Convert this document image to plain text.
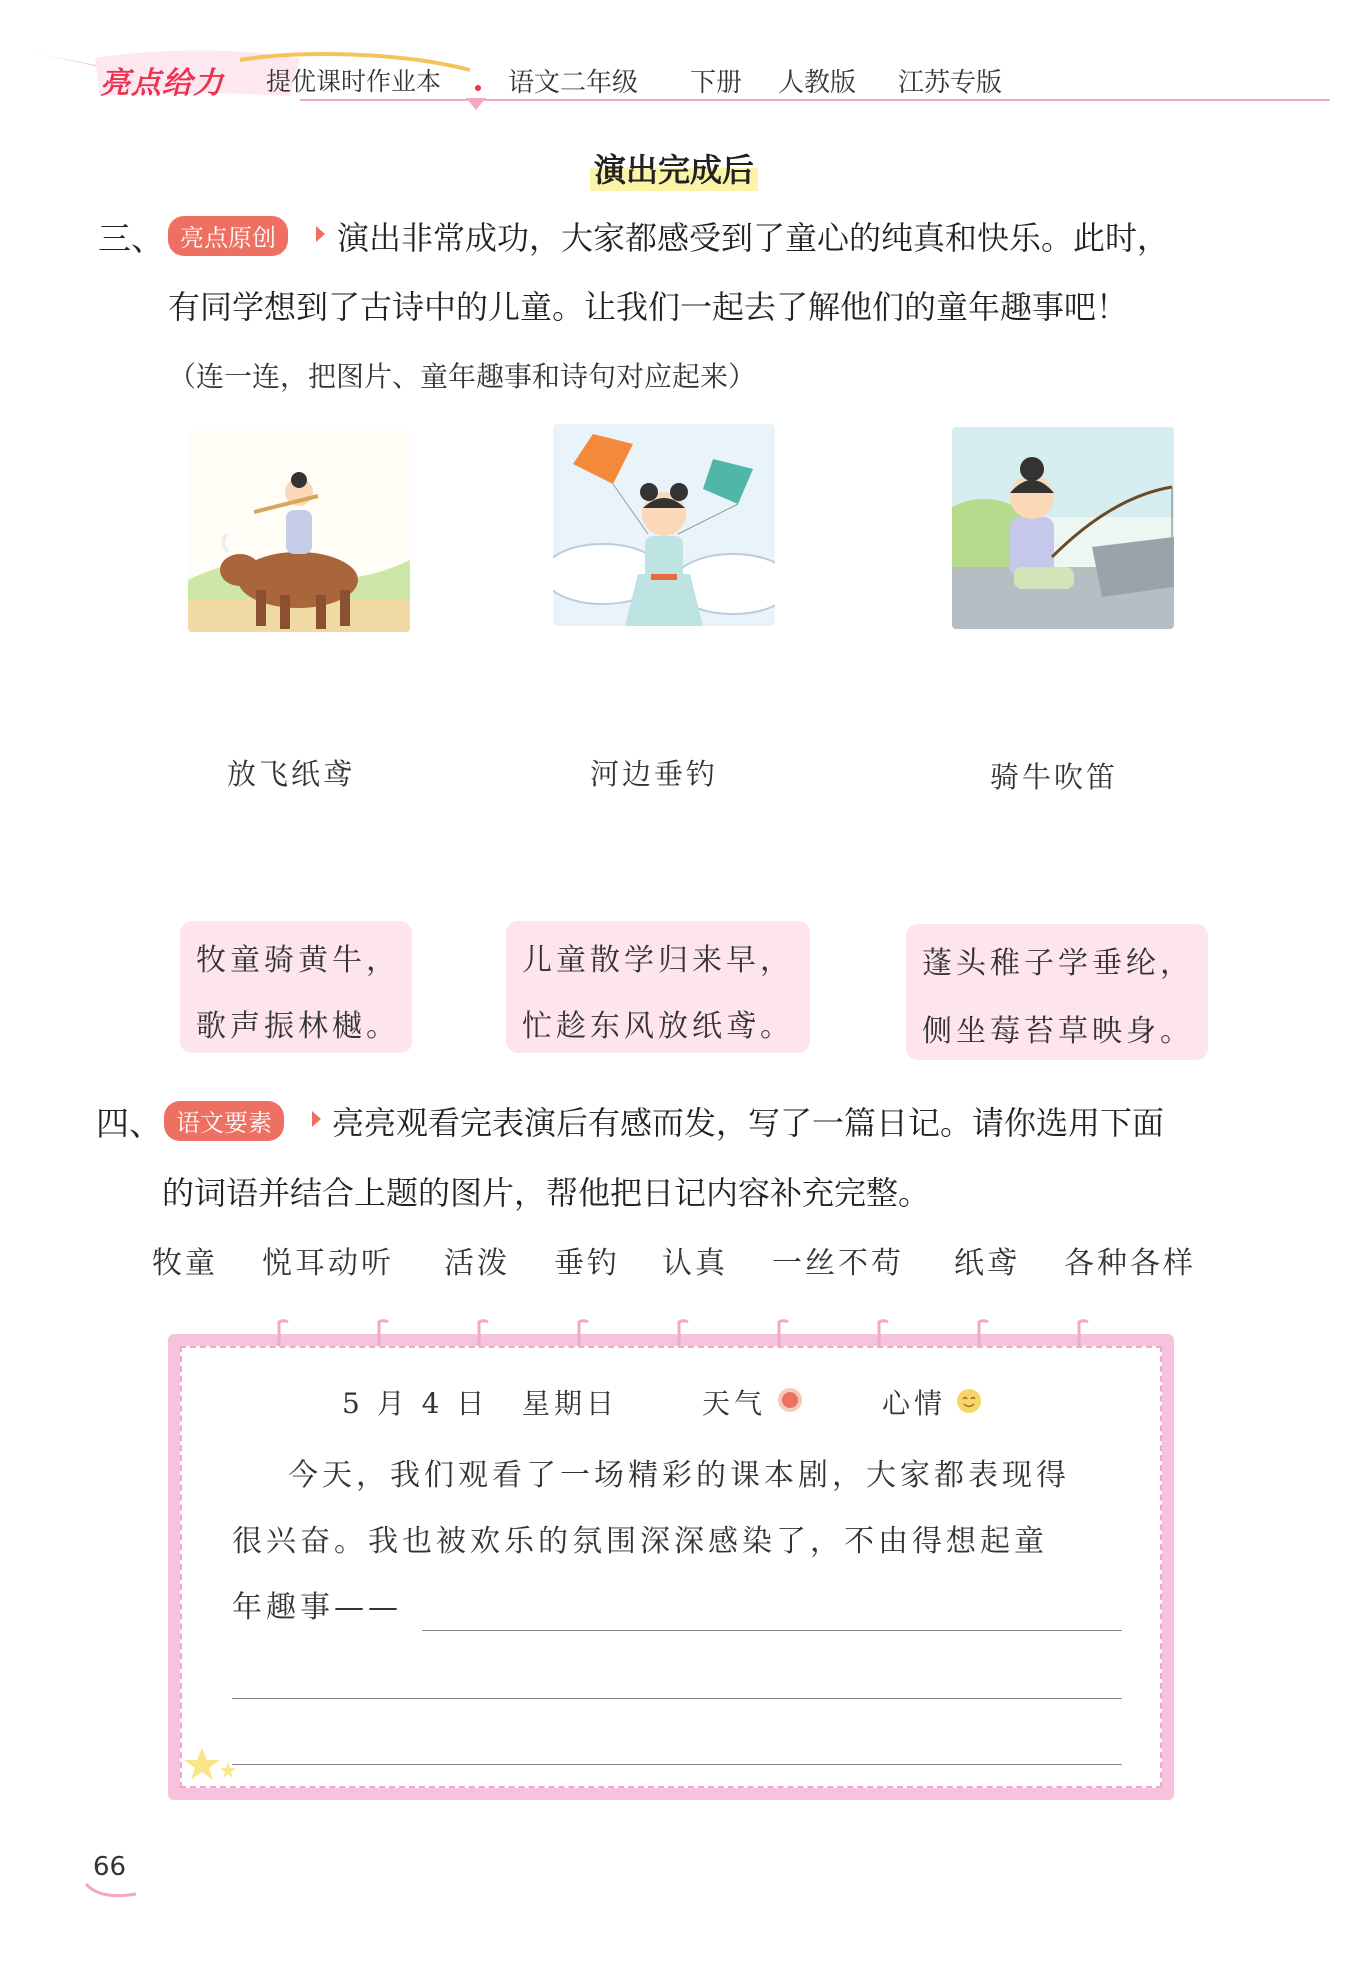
亮点给力 提优课时作业本	语文二年级 下册 人教版 江苏专版
演出完成后
三、 亮点原创	演出非常成功，大家都感受到了童心的纯真和快乐。此时，
有同学想到了古诗中的儿童。让我们一起去了解他们的童年趣事吧！
（连一连，把图片、童年趣事和诗句对应起来）
放飞纸鸢	河边垂钓	骑牛吹笛
牧童骑黄牛，
歌声振林樾。
儿童散学归来早，
忙趁东风放纸鸢。
蓬头稚子学垂纶，
侧坐莓苔草映身。
四、 语文要素	亮亮观看完表演后有感而发，写了一篇日记。请你选用下面
的词语并结合上题的图片，帮他把日记内容补充完整。
牧童 悦耳动听 活泼 垂钓 认真 一丝不苟 纸鸢 各种各样
5 月 4 日 星期日	天气	心情
今天，我们观看了一场精彩的课本剧，大家都表现得
很兴奋。我也被欢乐的氛围深深感染了，不由得想起童
年趣事——
66
